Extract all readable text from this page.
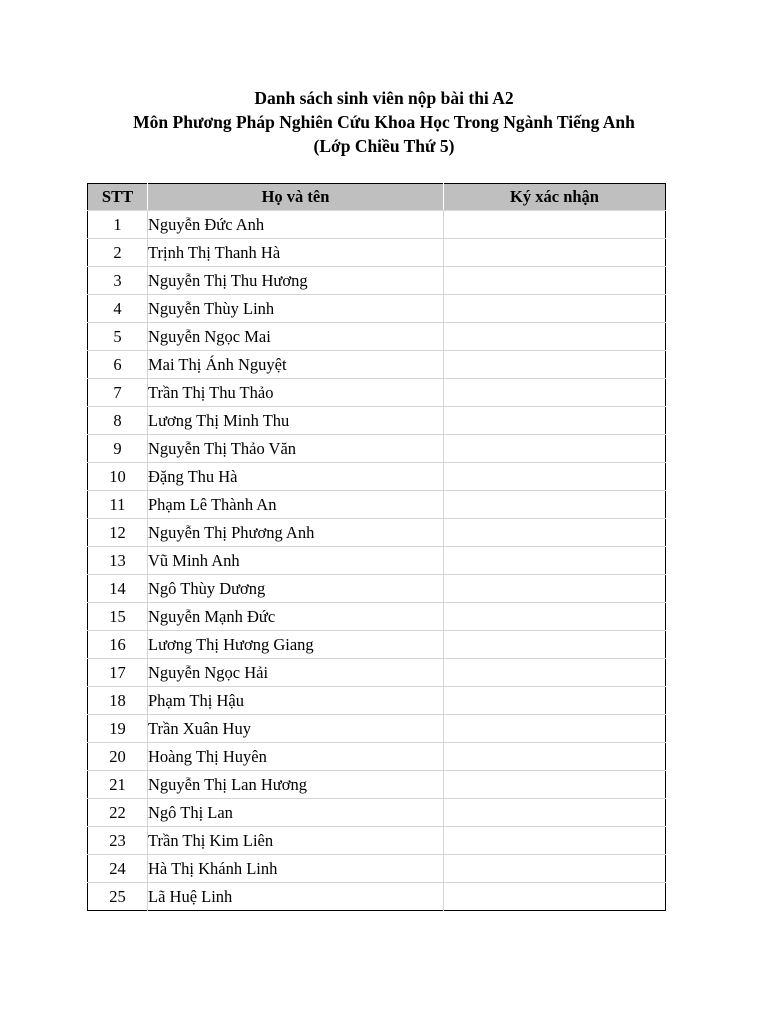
Danh sách sinh viên nộp bài thi A2
Môn Phương Pháp Nghiên Cứu Khoa Học Trong Ngành Tiếng Anh
(Lớp Chiều Thứ 5)
STT	Họ và tên	Ký xác nhận
1	Nguyễn Đức Anh	
2	Trịnh Thị Thanh Hà	
3	Nguyễn Thị Thu Hương	
4	Nguyễn Thùy Linh	
5	Nguyễn Ngọc Mai	
6	Mai Thị Ánh Nguyệt	
7	Trần Thị Thu Thảo	
8	Lương Thị Minh Thu	
9	Nguyễn Thị Thảo Văn	
10	Đặng Thu Hà	
11	Phạm Lê Thành An	
12	Nguyễn Thị Phương Anh	
13	Vũ Minh Anh	
14	Ngô Thùy Dương	
15	Nguyễn Mạnh Đức	
16	Lương Thị Hương Giang	
17	Nguyễn Ngọc Hải	
18	Phạm Thị Hậu	
19	Trần Xuân Huy	
20	Hoàng Thị Huyên	
21	Nguyễn Thị Lan Hương	
22	Ngô Thị Lan	
23	Trần Thị Kim Liên	
24	Hà Thị Khánh Linh	
25	Lã Huệ Linh	
